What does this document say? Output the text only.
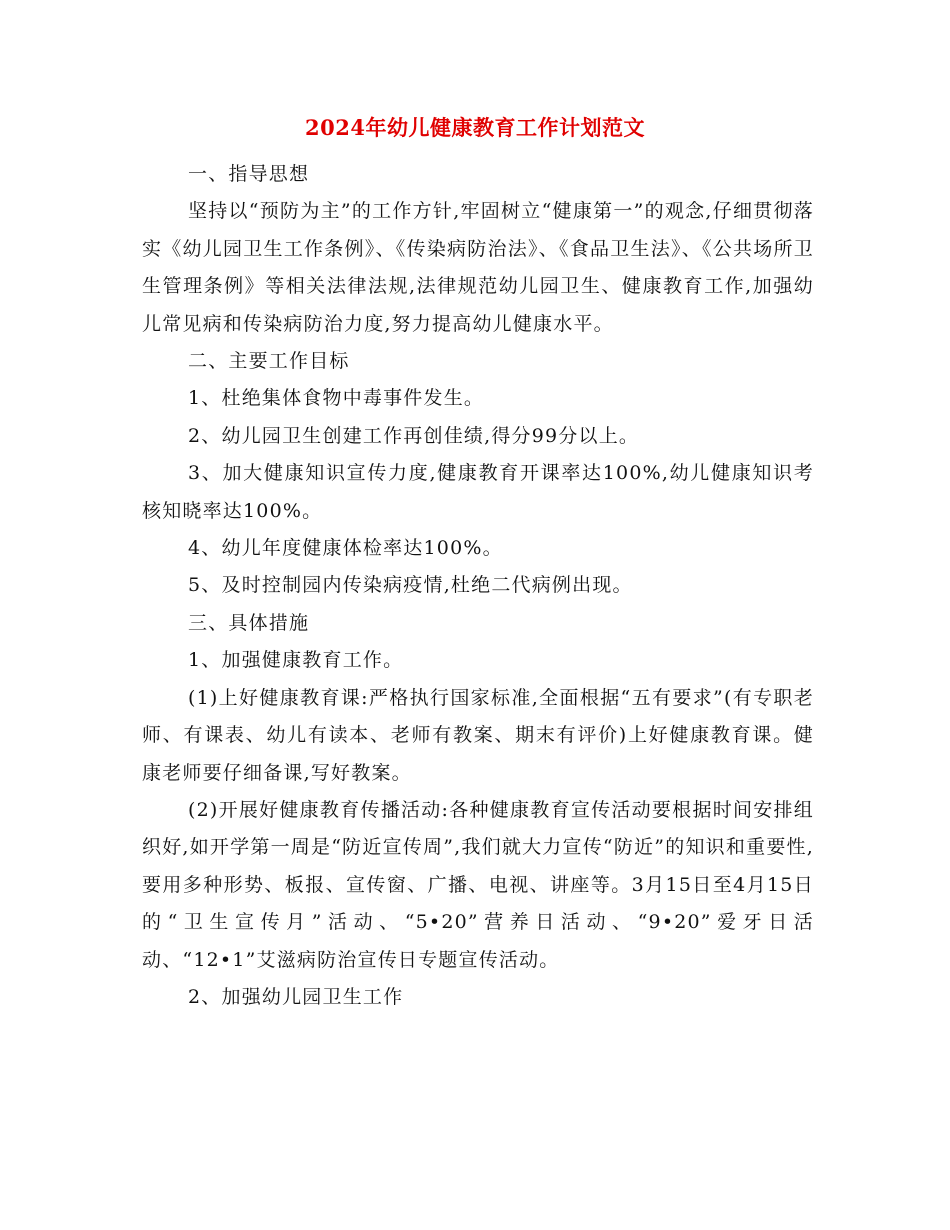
2024年幼儿健康教育工作计划范文

一、指导思想

坚持以“预防为主”的工作方针,牢固树立“健康第一”的观念,仔细贯彻落实《幼儿园卫生工作条例》、《传染病防治法》、《食品卫生法》、《公共场所卫生管理条例》等相关法律法规,法律规范幼儿园卫生、健康教育工作,加强幼儿常见病和传染病防治力度,努力提高幼儿健康水平。

二、主要工作目标

1、杜绝集体食物中毒事件发生。

2、幼儿园卫生创建工作再创佳绩,得分99分以上。

3、加大健康知识宣传力度,健康教育开课率达100%,幼儿健康知识考核知晓率达100%。

4、幼儿年度健康体检率达100%。

5、及时控制园内传染病疫情,杜绝二代病例出现。

三、具体措施

1、加强健康教育工作。

(1)上好健康教育课:严格执行国家标准,全面根据“五有要求”(有专职老师、有课表、幼儿有读本、老师有教案、期末有评价)上好健康教育课。健康老师要仔细备课,写好教案。

(2)开展好健康教育传播活动:各种健康教育宣传活动要根据时间安排组织好,如开学第一周是“防近宣传周”,我们就大力宣传“防近”的知识和重要性,要用多种形势、板报、宣传窗、广播、电视、讲座等。3月15日至4月15日的“卫生宣传月”活动、“5•20”营养日活动、“9•20”爱牙日活动、“12•1”艾滋病防治宣传日专题宣传活动。

2、加强幼儿园卫生工作
